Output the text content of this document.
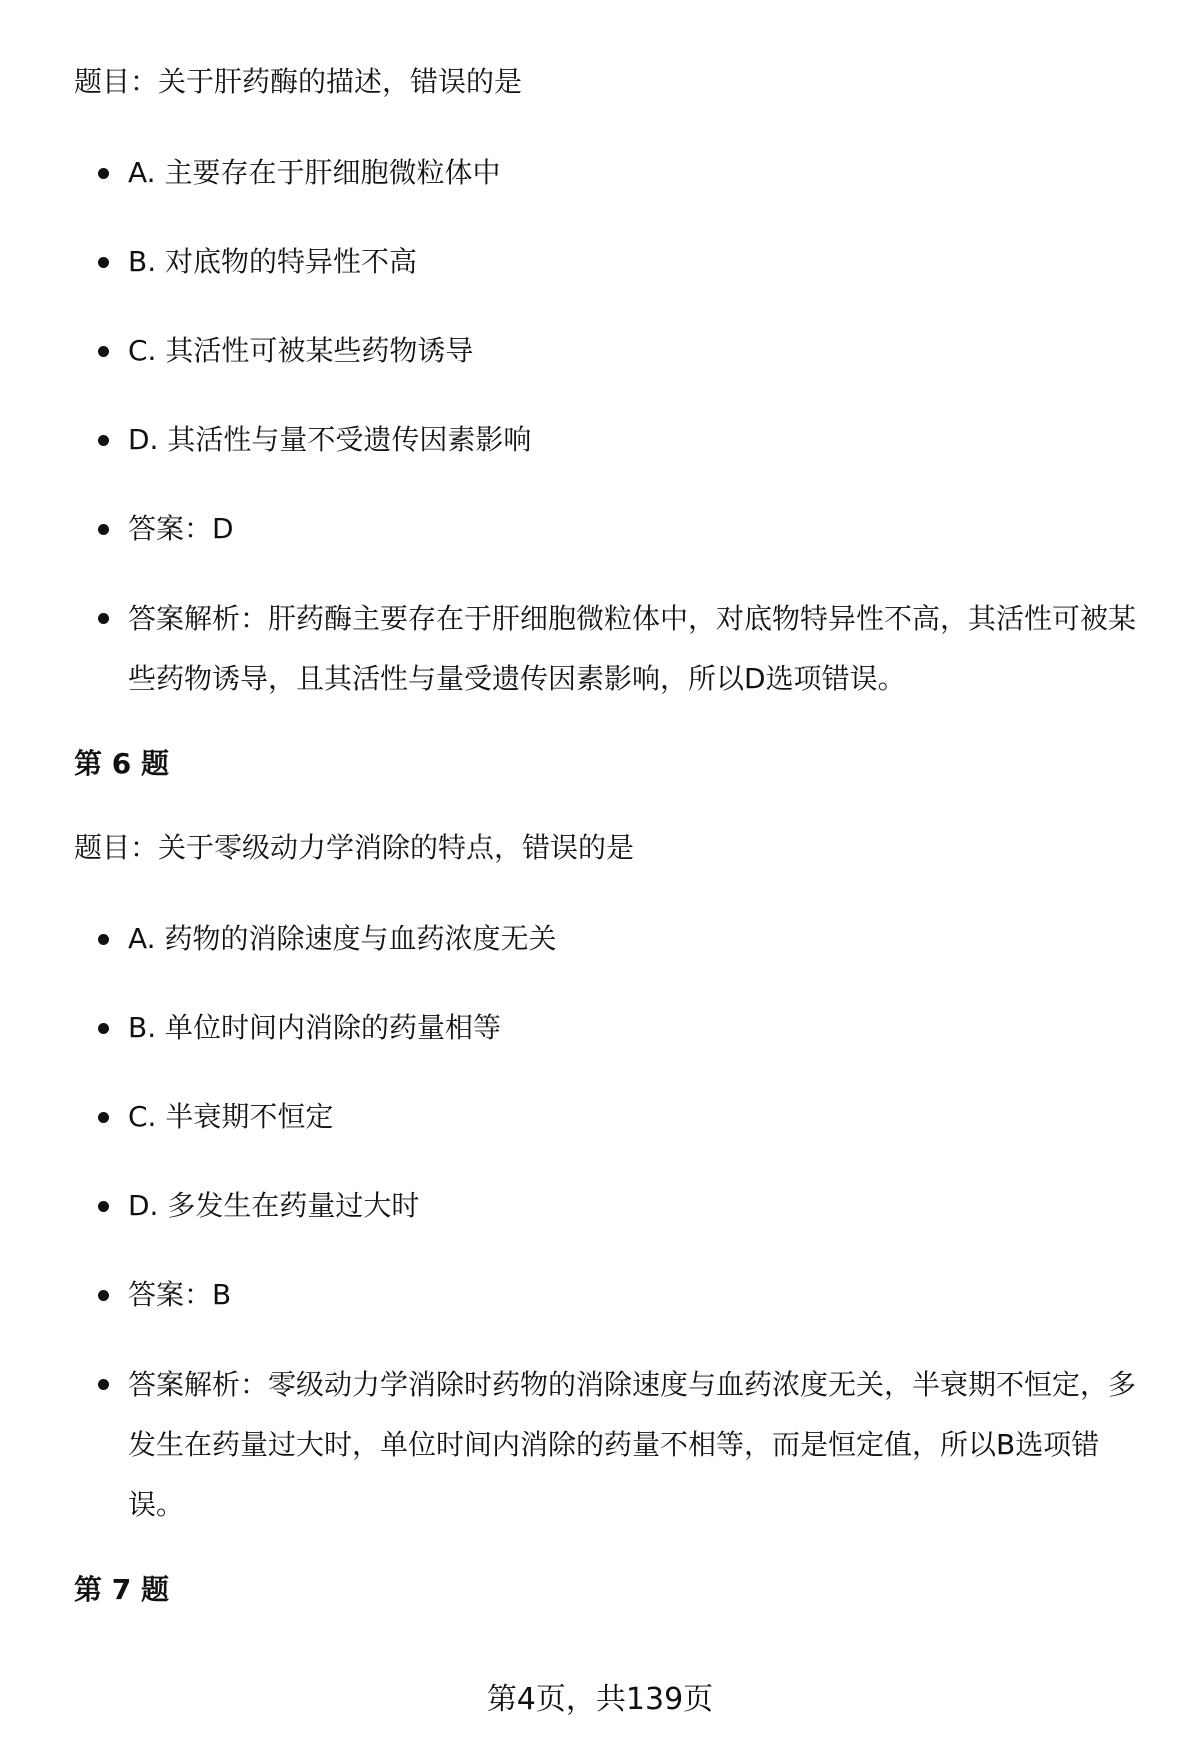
题目：关于肝药酶的描述，错误的是
A. 主要存在于肝细胞微粒体中
B. 对底物的特异性不高
C. 其活性可被某些药物诱导
D. 其活性与量不受遗传因素影响
答案：D
答案解析：肝药酶主要存在于肝细胞微粒体中，对底物特异性不高，其活性可被某些药物诱导，且其活性与量受遗传因素影响，所以D选项错误。
第 6 题
题目：关于零级动力学消除的特点，错误的是
A. 药物的消除速度与血药浓度无关
B. 单位时间内消除的药量相等
C. 半衰期不恒定
D. 多发生在药量过大时
答案：B
答案解析：零级动力学消除时药物的消除速度与血药浓度无关，半衰期不恒定，多发生在药量过大时，单位时间内消除的药量不相等，而是恒定值，所以B选项错误。
第 7 题
第4页，共139页
